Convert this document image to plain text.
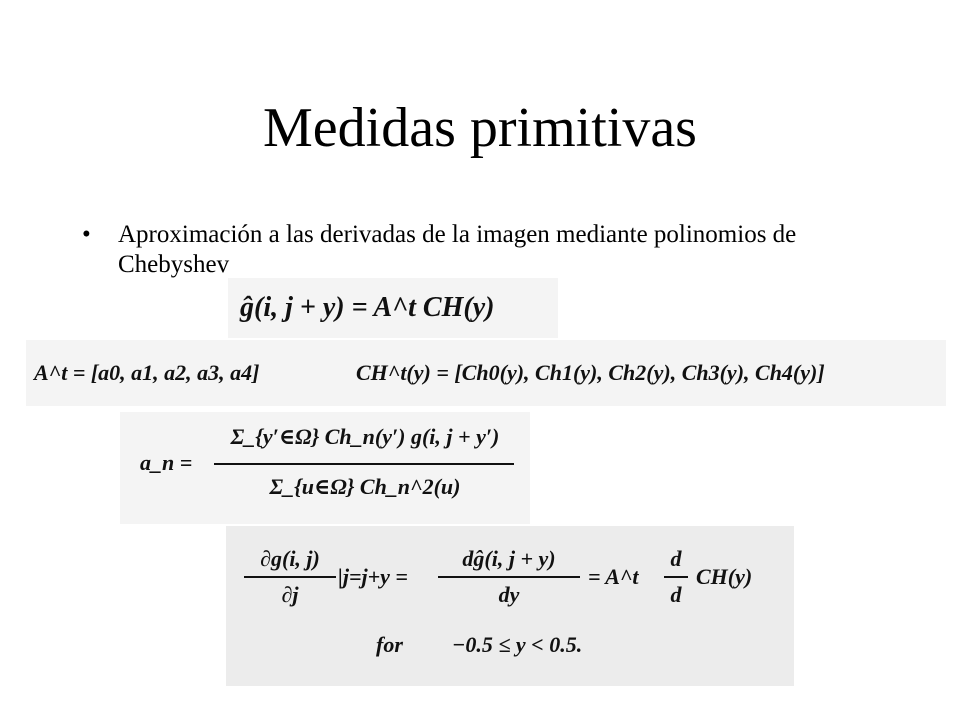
Medidas primitivas
• Aproximación a las derivadas de la imagen mediante polinomios de Chebyshev
ĝ(i, j + y) = A^t CH(y)
A^t = [a0, a1, a2, a3, a4]	CH^t(y) = [Ch0(y), Ch1(y), Ch2(y), Ch3(y), Ch4(y)]
a_n =
Σ_{y′∈Ω} Ch_n(y′) g(i, j + y′)
Σ_{u∈Ω} Ch_n^2(u)
∂g(i, j)
∂j
|j=j+y =
dĝ(i, j + y)
dy
= A^t
d
d
CH(y)
for −0.5 ≤ y < 0.5.
